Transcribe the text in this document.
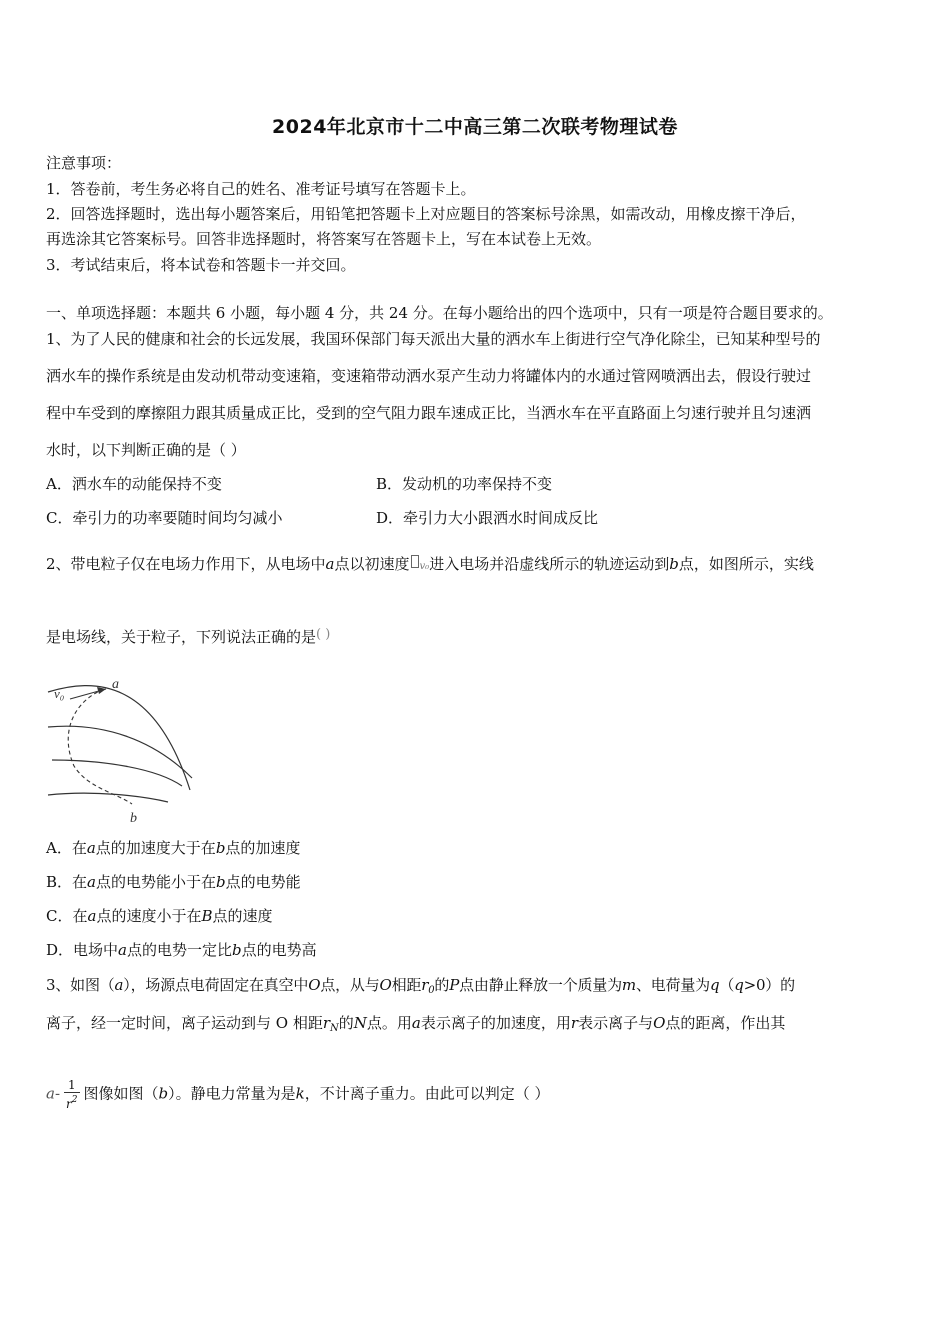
2024年北京市十二中高三第二次联考物理试卷
注意事项：
1．答卷前，考生务必将自己的姓名、准考证号填写在答题卡上。
2．回答选择题时，选出每小题答案后，用铅笔把答题卡上对应题目的答案标号涂黑，如需改动，用橡皮擦干净后，
再选涂其它答案标号。回答非选择题时，将答案写在答题卡上，写在本试卷上无效。
3．考试结束后，将本试卷和答题卡一并交回。
一、单项选择题：本题共 6 小题，每小题 4 分，共 24 分。在每小题给出的四个选项中，只有一项是符合题目要求的。
1、为了人民的健康和社会的长远发展，我国环保部门每天派出大量的洒水车上街进行空气净化除尘，已知某种型号的
洒水车的操作系统是由发动机带动变速箱，变速箱带动洒水泵产生动力将罐体内的水通过管网喷洒出去，假设行驶过
程中车受到的摩擦阻力跟其质量成正比，受到的空气阻力跟车速成正比，当洒水车在平直路面上匀速行驶并且匀速洒
水时，以下判断正确的是（ ）
A．洒水车的动能保持不变	B．发动机的功率保持不变
C．牵引力的功率要随时间均匀减小	D．牵引力大小跟洒水时间成反比
2、带电粒子仅在电场力作用下，从电场中a点以初速度 v₀进入电场并沿虚线所示的轨迹运动到b点，如图所示，实线
是电场线，关于粒子，下列说法正确的是( )
v₀
a
b
A．在a点的加速度大于在b点的加速度
B．在a点的电势能小于在b点的电势能
C．在a点的速度小于在B点的速度
D．电场中a点的电势一定比b点的电势高
3、如图（a），场源点电荷固定在真空中O点，从与O相距$r_0$的P点由静止释放一个质量为m、电荷量为q（q>0）的
离子，经一定时间，离子运动到与 O 相距$r_N$的N点。用a表示离子的加速度，用r表示离子与O点的距离，作出其
$a- \frac{1}{r^2}$ 图像如图（b）。静电力常量为是k，不计离子重力。由此可以判定（ ）
